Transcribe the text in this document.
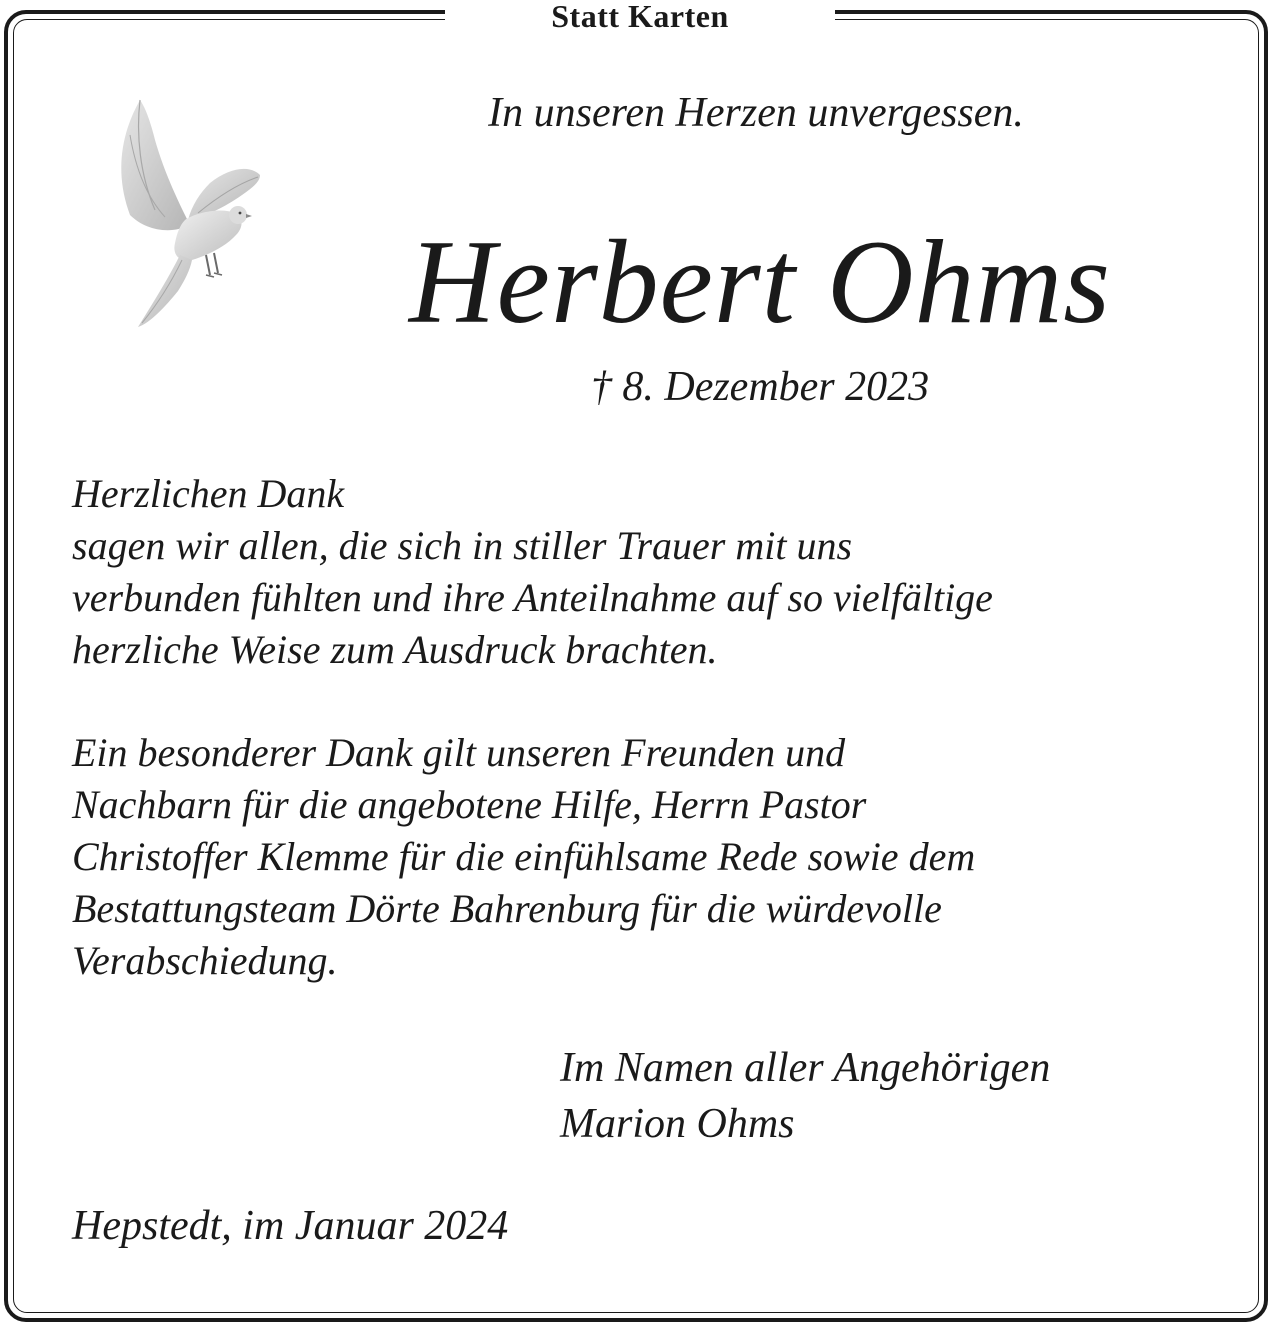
Statt Karten
In unseren Herzen unvergessen.
Herbert Ohms
† 8. Dezember 2023

Herzlichen Dank

sagen wir allen, die sich in stiller Trauer mit uns

verbunden fühlten und ihre Anteilnahme auf so vielfältige

herzliche Weise zum Ausdruck brachten.

Ein besonderer Dank gilt unseren Freunden und

Nachbarn für die angebotene Hilfe, Herrn Pastor

Christoffer Klemme für die einfühlsame Rede sowie dem

Bestattungsteam Dörte Bahrenburg für die würdevolle

Verabschiedung.

Im Namen aller Angehörigen
Marion Ohms
Hepstedt, im Januar 2024
